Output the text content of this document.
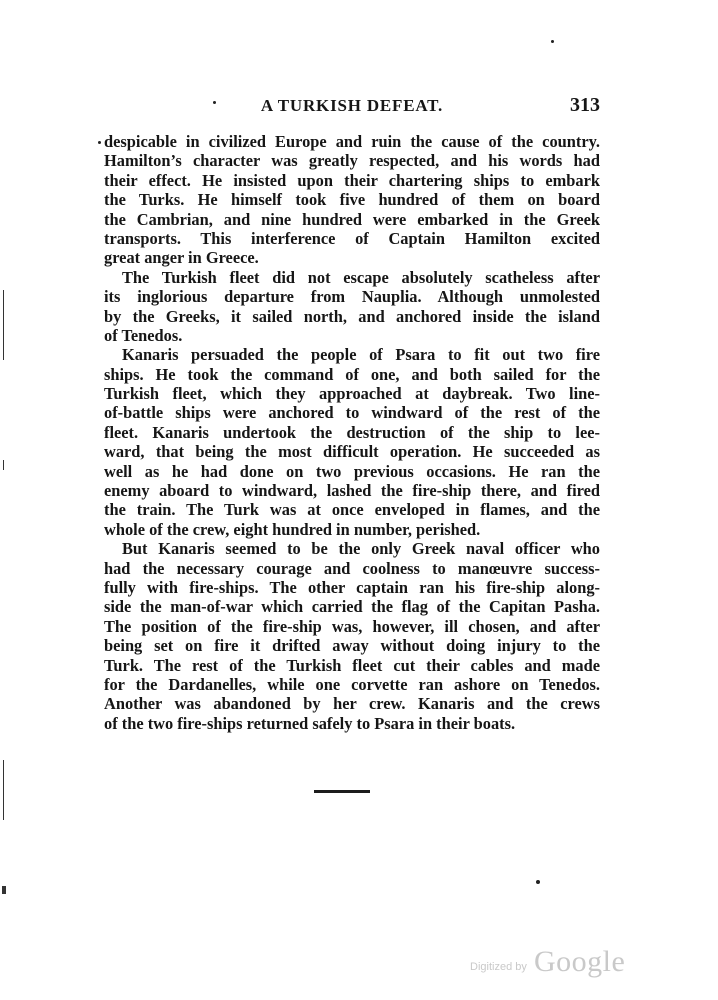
A TURKISH DEFEAT.	313
despicable in civilized Europe and ruin the cause of the country.
Hamilton’s character was greatly respected, and his words had
their effect. He insisted upon their chartering ships to embark
the Turks. He himself took five hundred of them on board
the Cambrian, and nine hundred were embarked in the Greek
transports. This interference of Captain Hamilton excited
great anger in Greece.
The Turkish fleet did not escape absolutely scatheless after
its inglorious departure from Nauplia. Although unmolested
by the Greeks, it sailed north, and anchored inside the island
of Tenedos.
Kanaris persuaded the people of Psara to fit out two fire
ships. He took the command of one, and both sailed for the
Turkish fleet, which they approached at daybreak. Two line-
of-battle ships were anchored to windward of the rest of the
fleet. Kanaris undertook the destruction of the ship to lee-
ward, that being the most difficult operation. He succeeded as
well as he had done on two previous occasions. He ran the
enemy aboard to windward, lashed the fire-ship there, and fired
the train. The Turk was at once enveloped in flames, and the
whole of the crew, eight hundred in number, perished.
But Kanaris seemed to be the only Greek naval officer who
had the necessary courage and coolness to manœuvre success-
fully with fire-ships. The other captain ran his fire-ship along-
side the man-of-war which carried the flag of the Capitan Pasha.
The position of the fire-ship was, however, ill chosen, and after
being set on fire it drifted away without doing injury to the
Turk. The rest of the Turkish fleet cut their cables and made
for the Dardanelles, while one corvette ran ashore on Tenedos.
Another was abandoned by her crew. Kanaris and the crews
of the two fire-ships returned safely to Psara in their boats.
Digitized by Google
